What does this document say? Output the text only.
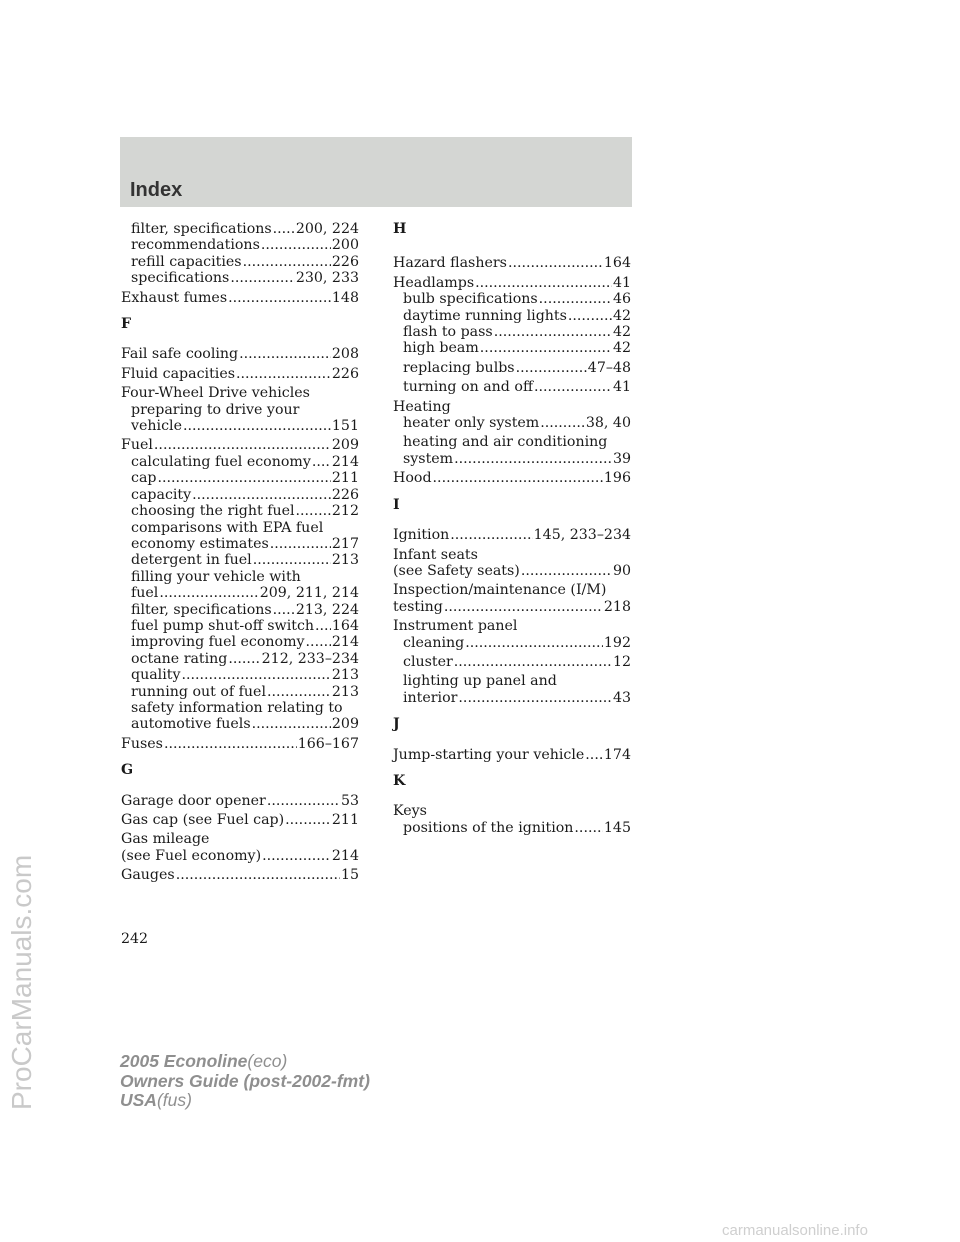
Index
filter, specifications ..... 200, 224
recommendations .....	200
refill capacities .....	226
specifications .....	230, 233
Exhaust fumes .....	148
F
Fail safe cooling .....	208
Fluid capacities .....	226
Four-Wheel Drive vehicles
preparing to drive your
vehicle .....	151
Fuel .....	209
calculating fuel economy ..... 214
cap .....	211
capacity .....	226
choosing the right fuel .....	212
comparisons with EPA fuel
economy estimates .....	217
detergent in fuel .....	213
filling your vehicle with
fuel .....	209, 211, 214
filter, specifications ..... 213, 224
fuel pump shut-off switch ..... 164
improving fuel economy ..... 214
octane rating ..... 212, 233–234
quality .....	213
running out of fuel .....	213
safety information relating to
automotive fuels .....	209
Fuses .....	166–167
G
Garage door opener .....	53
Gas cap (see Fuel cap) .....	211
Gas mileage
(see Fuel economy) .....	214
Gauges .....	15
H
Hazard flashers .....	164
Headlamps .....	41
bulb specifications .....	46
daytime running lights .....	42
flash to pass .....	42
high beam .....	42
replacing bulbs .....	47–48
turning on and off .....	41
Heating
heater only system .....	38, 40
heating and air conditioning
system .....	39
Hood .....	196
I
Ignition .....	145, 233–234
Infant seats
(see Safety seats) .....	90
Inspection/maintenance (I/M)
testing .....	218
Instrument panel
cleaning .....	192
cluster .....	12
lighting up panel and
interior .....	43
J
Jump-starting your vehicle ..... 174
K
Keys
positions of the ignition ..... 145
242
2005 Econoline(eco)
Owners Guide (post-2002-fmt)
USA(fus)
ProCarManuals.com
carmanualsonline.info
